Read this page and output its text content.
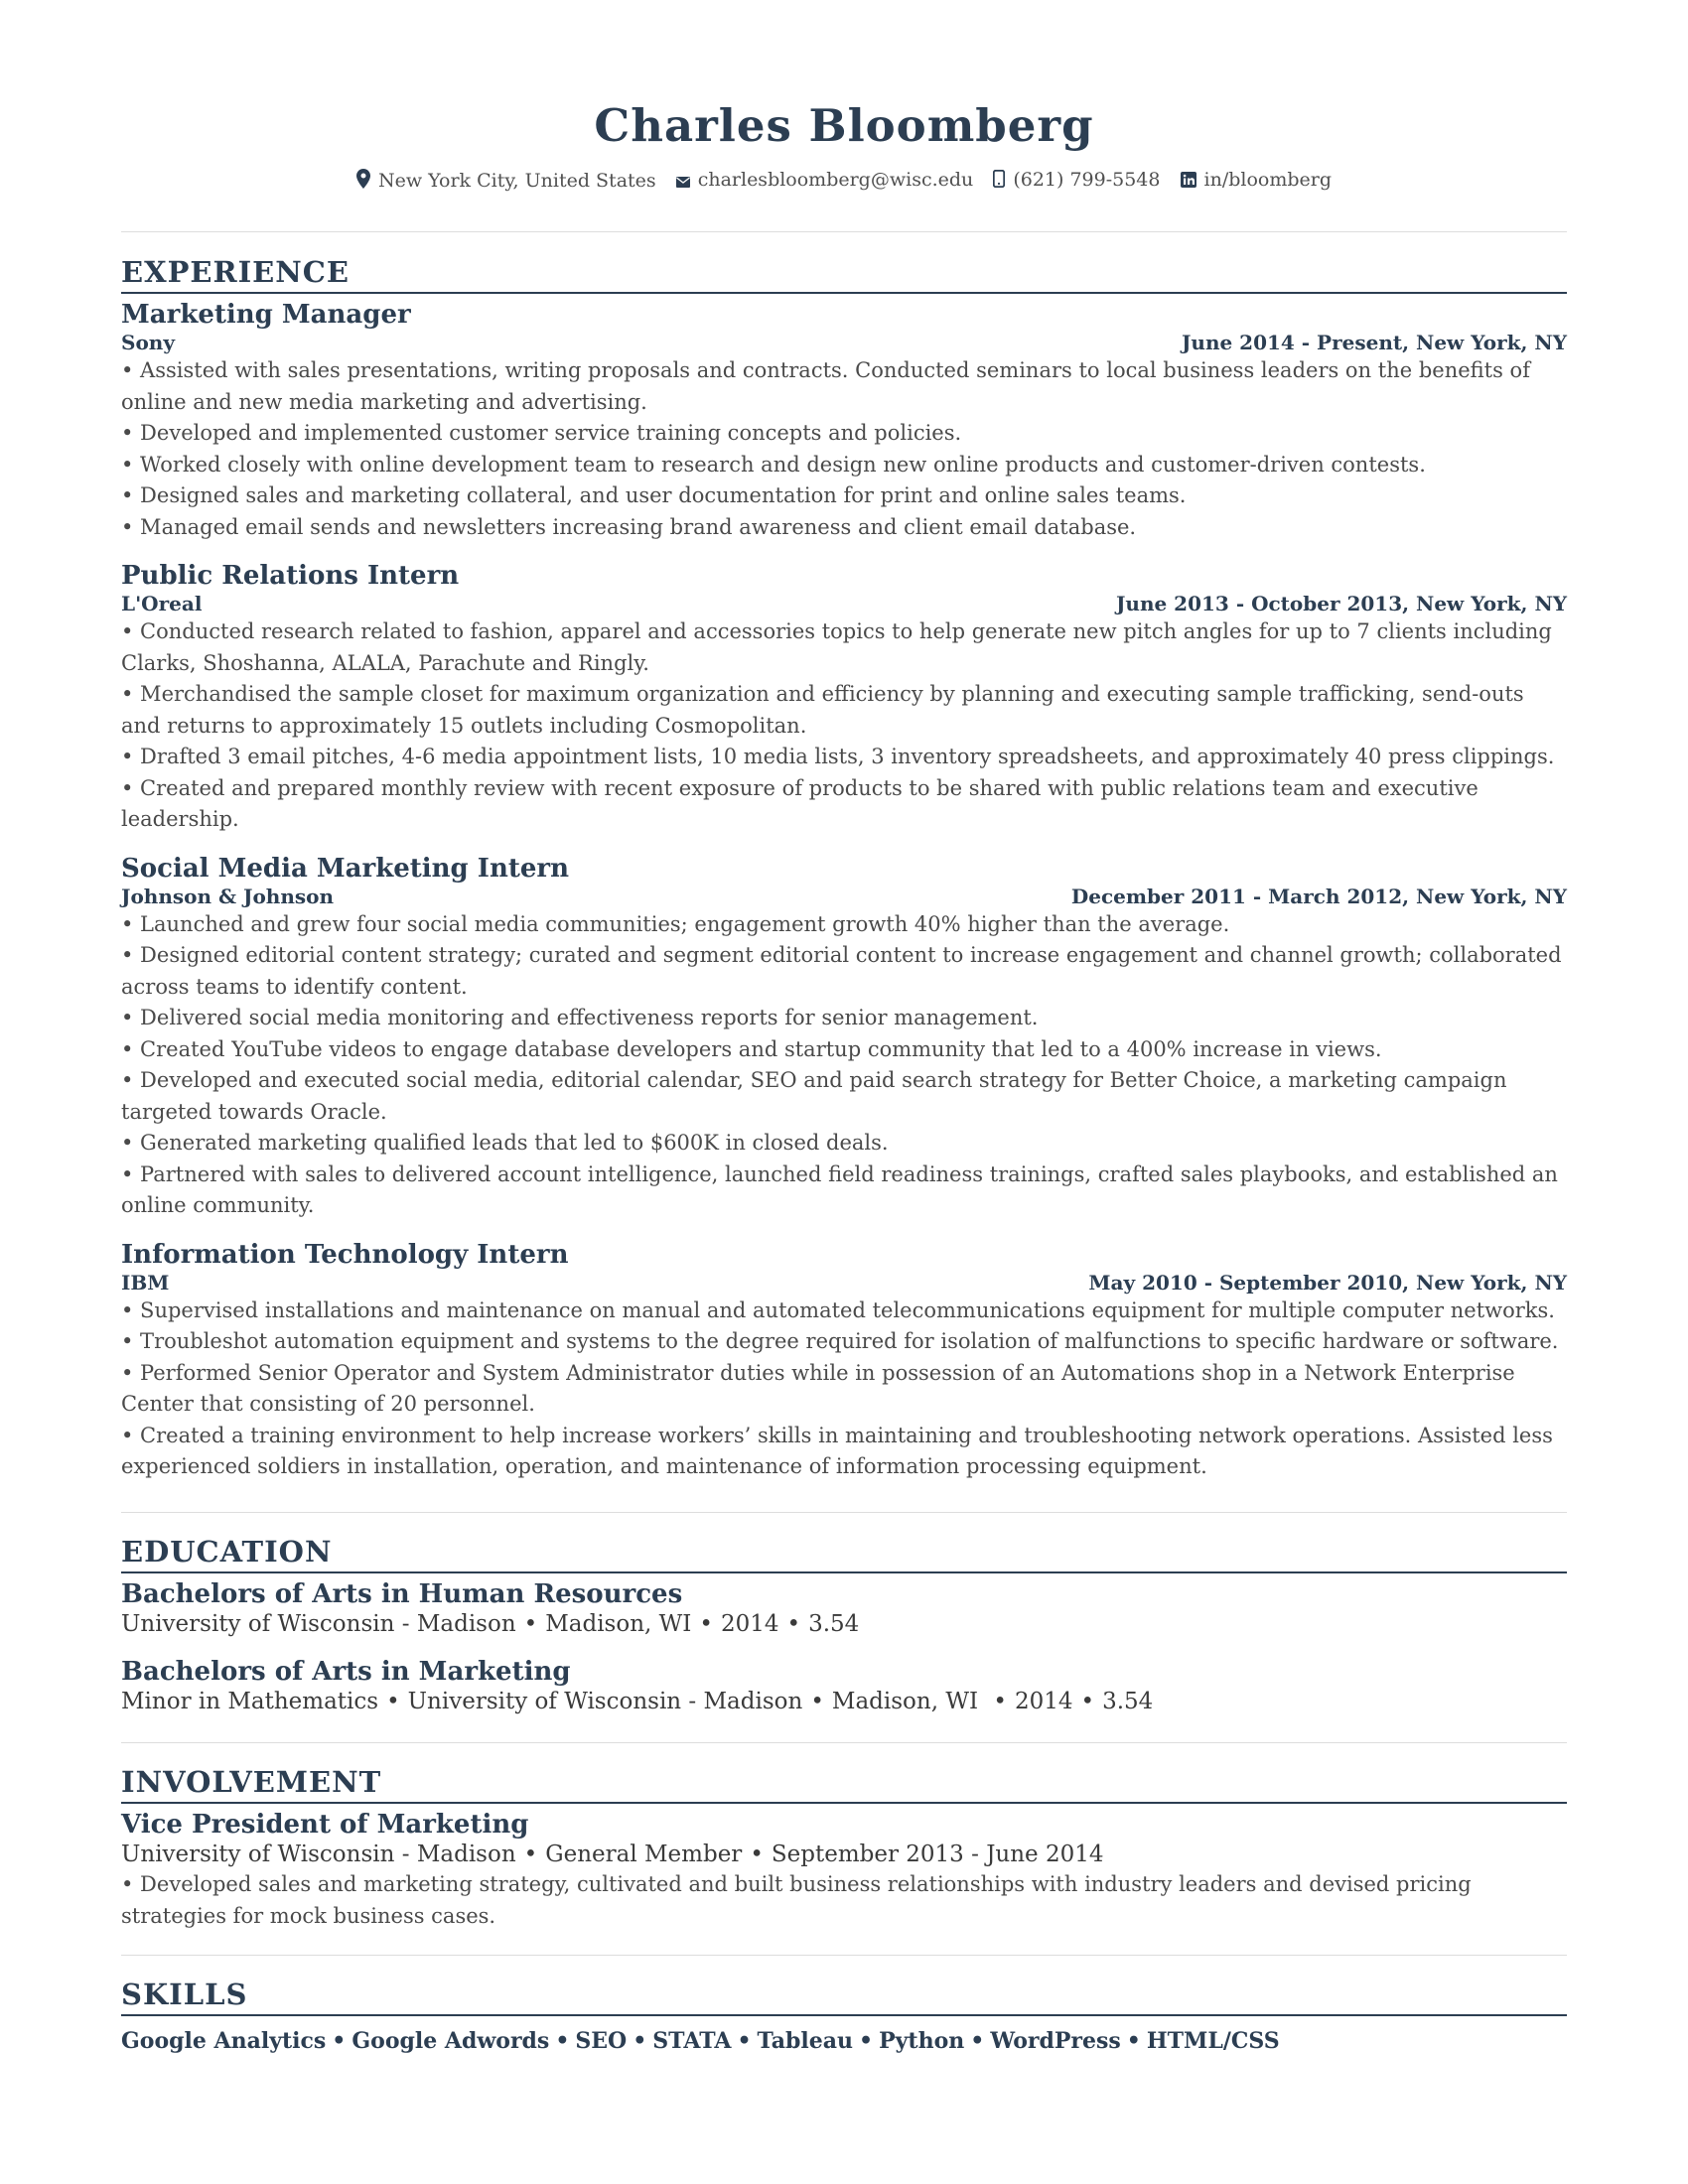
Charles Bloomberg
New York City, United States charlesbloomberg@wisc.edu (621) 799-5548 in/bloomberg
EXPERIENCE
Marketing Manager
Sony	June 2014 - Present, New York, NY
• Assisted with sales presentations, writing proposals and contracts. Conducted seminars to local business leaders on the benefits of online and new media marketing and advertising.
• Developed and implemented customer service training concepts and policies.
• Worked closely with online development team to research and design new online products and customer-driven contests.
• Designed sales and marketing collateral, and user documentation for print and online sales teams.
• Managed email sends and newsletters increasing brand awareness and client email database.
Public Relations Intern
L'Oreal	June 2013 - October 2013, New York, NY
• Conducted research related to fashion, apparel and accessories topics to help generate new pitch angles for up to 7 clients including Clarks, Shoshanna, ALALA, Parachute and Ringly.
• Merchandised the sample closet for maximum organization and efficiency by planning and executing sample trafficking, send-outs and returns to approximately 15 outlets including Cosmopolitan.
• Drafted 3 email pitches, 4-6 media appointment lists, 10 media lists, 3 inventory spreadsheets, and approximately 40 press clippings.
• Created and prepared monthly review with recent exposure of products to be shared with public relations team and executive leadership.
Social Media Marketing Intern
Johnson & Johnson	December 2011 - March 2012, New York, NY
• Launched and grew four social media communities; engagement growth 40% higher than the average.
• Designed editorial content strategy; curated and segment editorial content to increase engagement and channel growth; collaborated across teams to identify content.
• Delivered social media monitoring and effectiveness reports for senior management.
• Created YouTube videos to engage database developers and startup community that led to a 400% increase in views.
• Developed and executed social media, editorial calendar, SEO and paid search strategy for Better Choice, a marketing campaign targeted towards Oracle.
• Generated marketing qualified leads that led to $600K in closed deals.
• Partnered with sales to delivered account intelligence, launched field readiness trainings, crafted sales playbooks, and established an online community.
Information Technology Intern
IBM	May 2010 - September 2010, New York, NY
• Supervised installations and maintenance on manual and automated telecommunications equipment for multiple computer networks.
• Troubleshot automation equipment and systems to the degree required for isolation of malfunctions to specific hardware or software.
• Performed Senior Operator and System Administrator duties while in possession of an Automations shop in a Network Enterprise Center that consisting of 20 personnel.
• Created a training environment to help increase workers’ skills in maintaining and troubleshooting network operations. Assisted less experienced soldiers in installation, operation, and maintenance of information processing equipment.
EDUCATION
Bachelors of Arts in Human Resources
University of Wisconsin - Madison • Madison, WI • 2014 • 3.54
Bachelors of Arts in Marketing
Minor in Mathematics • University of Wisconsin - Madison • Madison, WI • 2014 • 3.54
INVOLVEMENT
Vice President of Marketing
University of Wisconsin - Madison • General Member • September 2013 - June 2014
• Developed sales and marketing strategy, cultivated and built business relationships with industry leaders and devised pricing strategies for mock business cases.
SKILLS
Google Analytics • Google Adwords • SEO • STATA • Tableau • Python • WordPress • HTML/CSS
